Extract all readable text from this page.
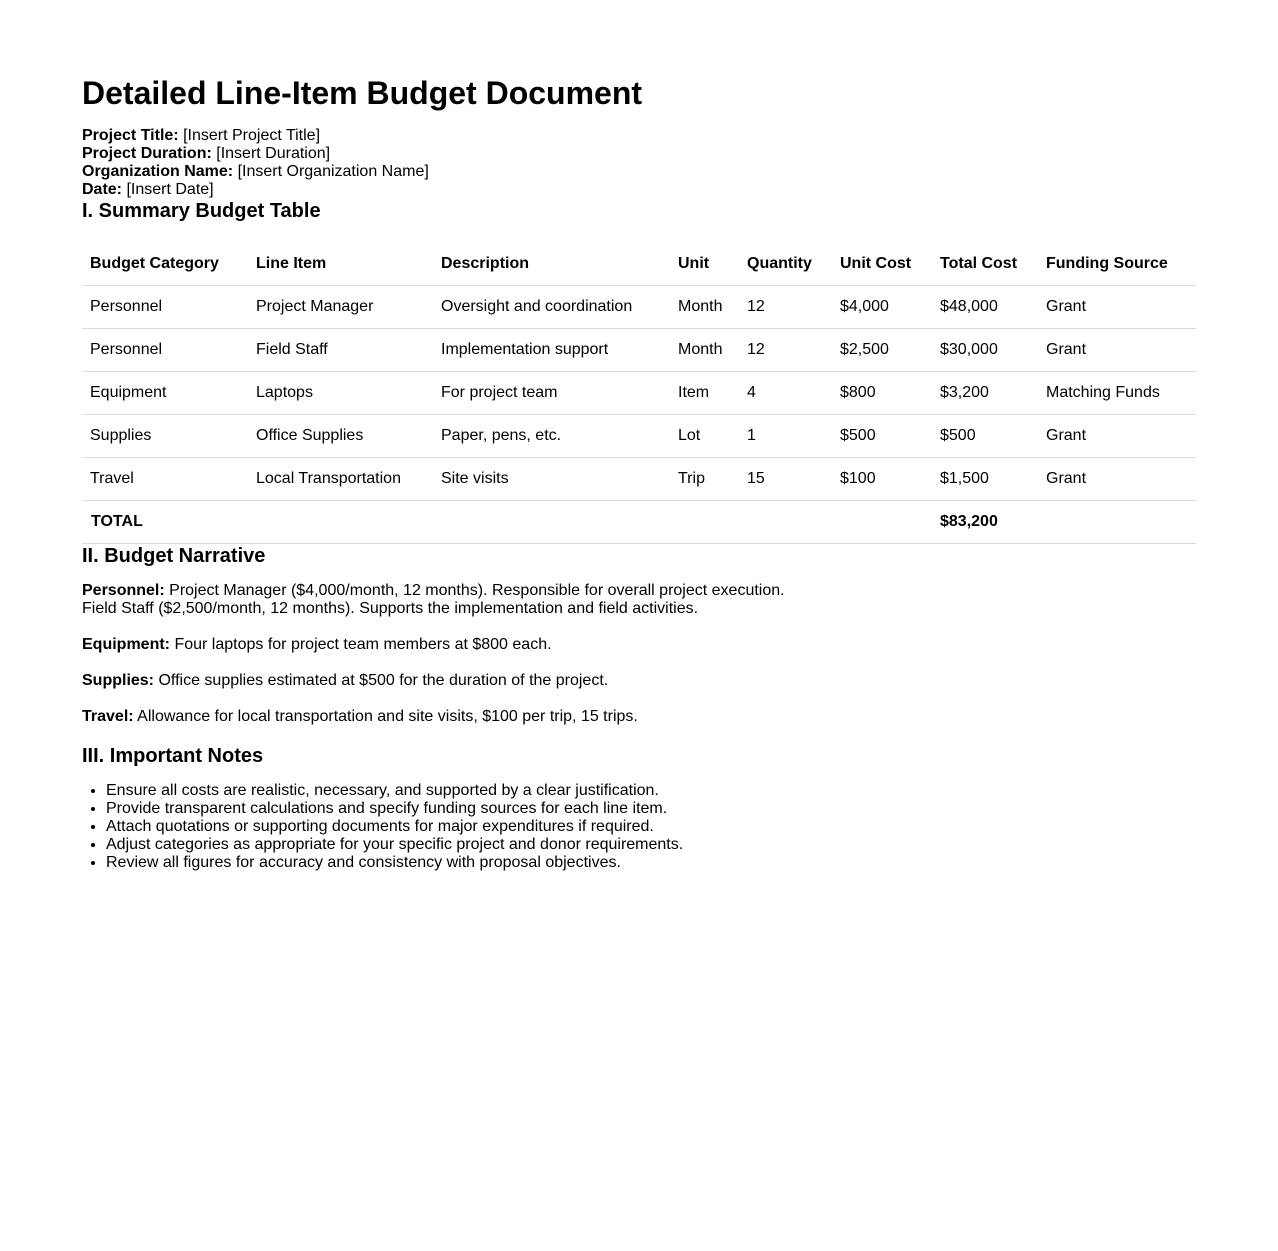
Detailed Line-Item Budget Document
Project Title: [Insert Project Title]
Project Duration: [Insert Duration]
Organization Name: [Insert Organization Name]
Date: [Insert Date]
I. Summary Budget Table
Budget Category	Line Item	Description	Unit	Quantity	Unit Cost	Total Cost	Funding Source
Personnel	Project Manager	Oversight and coordination	Month	12	$4,000	$48,000	Grant
Personnel	Field Staff	Implementation support	Month	12	$2,500	$30,000	Grant
Equipment	Laptops	For project team	Item	4	$800	$3,200	Matching Funds
Supplies	Office Supplies	Paper, pens, etc.	Lot	1	$500	$500	Grant
Travel	Local Transportation	Site visits	Trip	15	$100	$1,500	Grant
TOTAL						$83,200	
II. Budget Narrative

Personnel: Project Manager ($4,000/month, 12 months). Responsible for overall project execution.
Field Staff ($2,500/month, 12 months). Supports the implementation and field activities.

Equipment: Four laptops for project team members at $800 each.

Supplies: Office supplies estimated at $500 for the duration of the project.

Travel: Allowance for local transportation and site visits, $100 per trip, 15 trips.

III. Important Notes
• Ensure all costs are realistic, necessary, and supported by a clear justification.
• Provide transparent calculations and specify funding sources for each line item.
• Attach quotations or supporting documents for major expenditures if required.
• Adjust categories as appropriate for your specific project and donor requirements.
• Review all figures for accuracy and consistency with proposal objectives.
